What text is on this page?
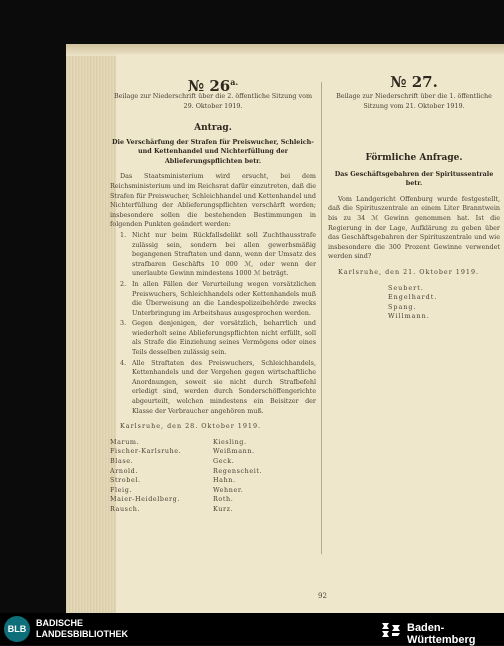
№ $26^{a.}$
Beilage zur Niederschrift über die 2. öffentliche Sitzung vom 29. Oktober 1919.
Antrag.
Die Verschärfung der Strafen für Preiswucher, Schleich- und Kettenhandel und Nichterfüllung der Ablieferungspflichten betr.
Das Staatsministerium wird ersucht, bei dem Reichsministerium und im Reichsrat dafür einzutreten, daß die Strafen für Preiswucher, Schleichhandel und Kettenhandel und Nichterfüllung der Ablieferungspflichten verschärft werden; insbesondere sollen die bestehenden Bestimmungen in folgenden Punkten geändert werden:
1. Nicht nur beim Rückfallsdelikt soll Zuchthausstrafe zulässig sein, sondern bei allen gewerbsmäßig begangenen Straftaten und dann, wenn der Umsatz des strafbaren Geschäfts 10 000 ℳ, oder wenn der unerlaubte Gewinn mindestens 1000 ℳ beträgt.
2. In allen Fällen der Verurteilung wegen vorsätzlichen Preiswuchers, Schleichhandels oder Kettenhandels muß die Überweisung an die Landespolizeibehörde zwecks Unterbringung im Arbeitshaus ausgesprochen werden.
3. Gegen denjenigen, der vorsätzlich, beharrlich und wiederholt seine Ablieferungspflichten nicht erfüllt, soll als Strafe die Einziehung seines Vermögens oder eines Teils desselben zulässig sein.
4. Alle Straftaten des Preiswuchers, Schleichhandels, Kettenhandels und der Vergehen gegen wirtschaftliche Anordnungen, soweit sie nicht durch Strafbefehl erledigt sind, werden durch Sonderschöffengerichte abgeurteilt, welchen mindestens ein Beisitzer der Klasse der Verbraucher angehören muß.
Karlsruhe, den 28. Oktober 1919.
Marum.	Kiesling.
Fischer-Karlsruhe.	Weißmann.
Blase.	Geck.
Arnold.	Regenscheit.
Strobel.	Hahn.
Fleig.	Wehner.
Maier-Heidelberg.	Roth.
Rausch.	Kurz.
№ 27.
Beilage zur Niederschrift über die 1. öffentliche Sitzung vom 21. Oktober 1919.
Förmliche Anfrage.
Das Geschäftsgebahren der Spiritussentrale betr.
Vom Landgericht Offenburg wurde festgestellt, daß die Spirituszentrale an einem Liter Branntwein bis zu 34 ℳ Gewinn genommen hat. Ist die Regierung in der Lage, Aufklärung zu geben über das Geschäftsgebahren der Spirituszentrale und wie insbesondere die 300 Prozent Gewinne verwendet werden sind?
Karlsruhe, den 21. Oktober 1919.
Seubert.
Engelhardt.
Spang.
Willmann.
92
BLB
BADISCHE
LANDESBIBLIOTHEK	Baden-Württemberg
